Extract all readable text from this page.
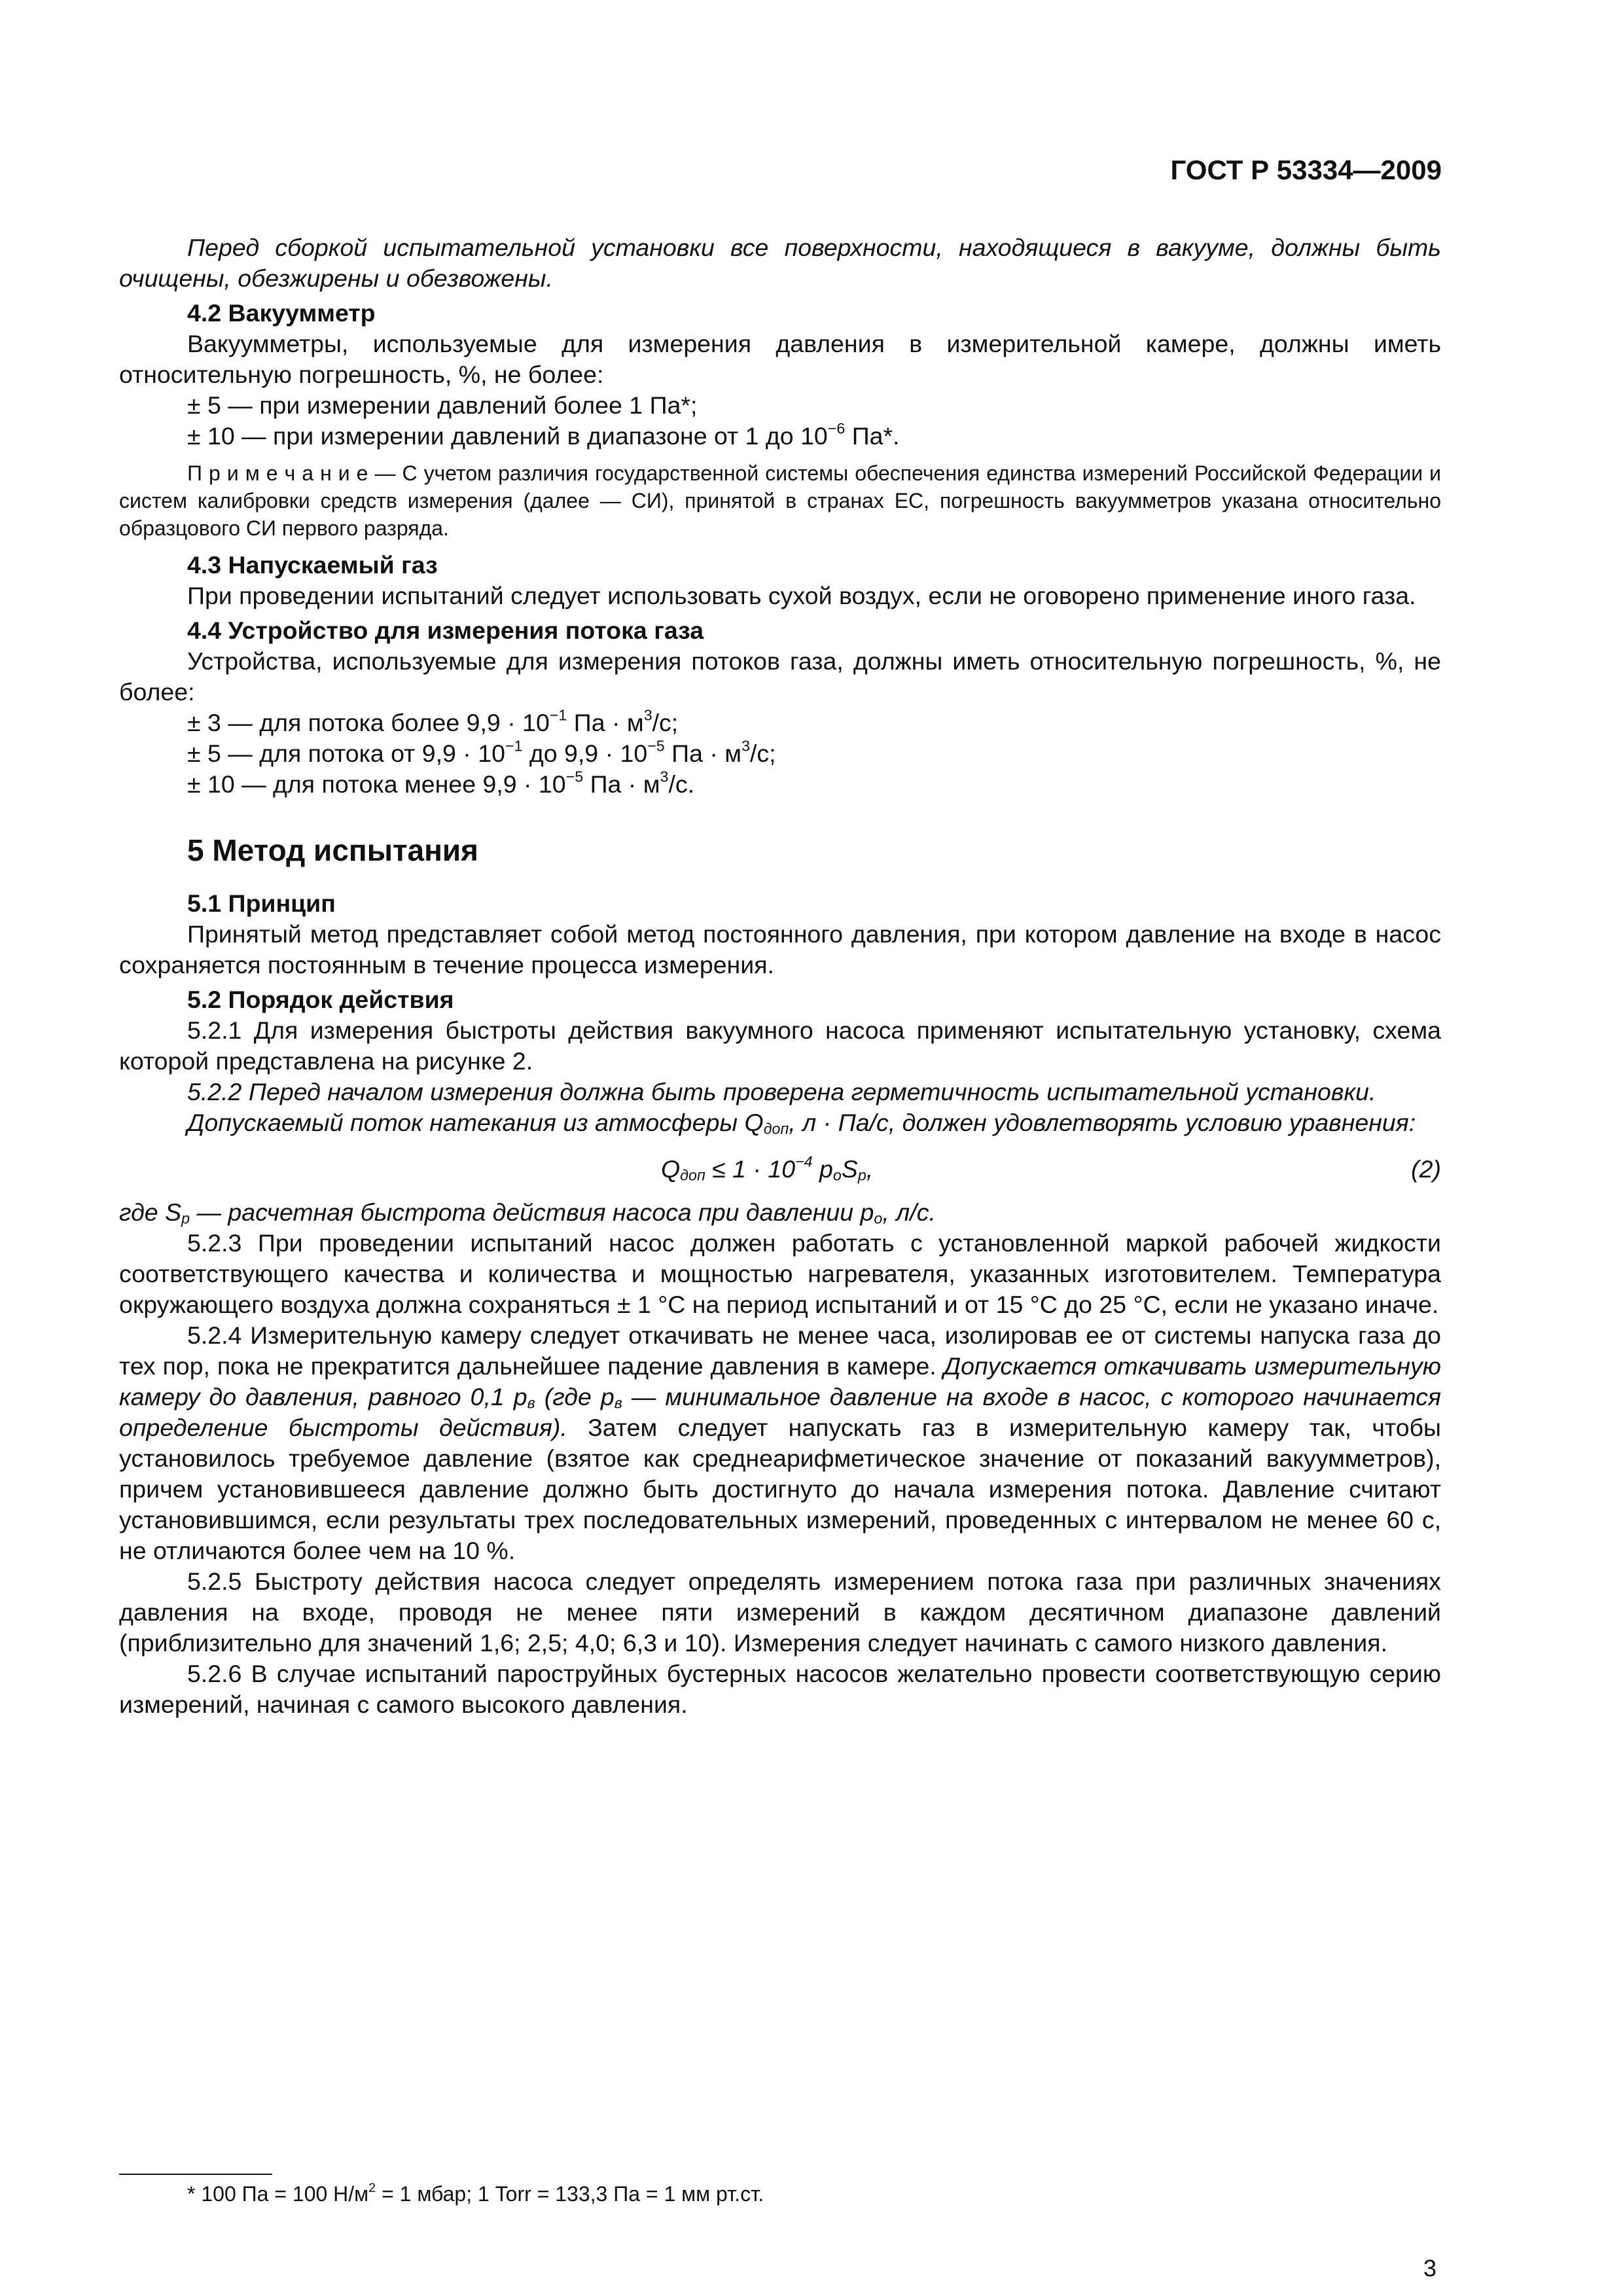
ГОСТ Р 53334—2009

Перед сборкой испытательной установки все поверхности, находящиеся в вакууме, должны быть очищены, обезжирены и обезвожены.

4.2 Вакуумметр

Вакуумметры, используемые для измерения давления в измерительной камере, должны иметь относительную погрешность, %, не более:

± 5 — при измерении давлений более 1 Па*;

± 10 — при измерении давлений в диапазоне от 1 до $10^{-6}$ Па*.

П р и м е ч а н и е — С учетом различия государственной системы обеспечения единства измерений Российской Федерации и систем калибровки средств измерения (далее — СИ), принятой в странах ЕС, погрешность вакуумметров указана относительно образцового СИ первого разряда.

4.3 Напускаемый газ

При проведении испытаний следует использовать сухой воздух, если не оговорено применение иного газа.

4.4 Устройство для измерения потока газа

Устройства, используемые для измерения потоков газа, должны иметь относительную погрешность, %, не более:

± 3 — для потока более $9,9 \cdot 10^{-1}$ Па · $м^3/с$;

± 5 — для потока от $9,9 \cdot 10^{-1}$ до $9,9 \cdot 10^{-5}$ Па · $м^3/с$;

± 10 — для потока менее $9,9 \cdot 10^{-5}$ Па · $м^3/с$.

5 Метод испытания

5.1 Принцип

Принятый метод представляет собой метод постоянного давления, при котором давление на входе в насос сохраняется постоянным в течение процесса измерения.

5.2 Порядок действия

5.2.1 Для измерения быстроты действия вакуумного насоса применяют испытательную установку, схема которой представлена на рисунке 2.

5.2.2 Перед началом измерения должна быть проверена герметичность испытательной установки.

Допускаемый поток натекания из атмосферы $Q_{доп}$, л · Па/с, должен удовлетворять условию уравнения:

$Q_{доп} \le 1 \cdot 10^{-4}$ $p_oS_p$,	(2)

где $S_p$ — расчетная быстрота действия насоса при давлении $p_o$, л/с.

5.2.3 При проведении испытаний насос должен работать с установленной маркой рабочей жидкости соответствующего качества и количества и мощностью нагревателя, указанных изготовителем. Температура окружающего воздуха должна сохраняться ± 1 °С на период испытаний и от 15 °С до 25 °С, если не указано иначе.

5.2.4 Измерительную камеру следует откачивать не менее часа, изолировав ее от системы напуска газа до тех пор, пока не прекратится дальнейшее падение давления в камере. Допускается откачивать измерительную камеру до давления, равного 0,1 $p_в$ (где $p_в$ — минимальное давление на входе в насос, с которого начинается определение быстроты действия). Затем следует напускать газ в измерительную камеру так, чтобы установилось требуемое давление (взятое как среднеарифметическое значение от показаний вакуумметров), причем установившееся давление должно быть достигнуто до начала измерения потока. Давление считают установившимся, если результаты трех последовательных измерений, проведенных с интервалом не менее 60 с, не отличаются более чем на 10 %.

5.2.5 Быстроту действия насоса следует определять измерением потока газа при различных значениях давления на входе, проводя не менее пяти измерений в каждом десятичном диапазоне давлений (приблизительно для значений 1,6; 2,5; 4,0; 6,3 и 10). Измерения следует начинать с самого низкого давления.

5.2.6 В случае испытаний пароструйных бустерных насосов желательно провести соответствующую серию измерений, начиная с самого высокого давления.

* 100 Па = 100 $Н/м^2 = 1$ мбар; 1 Torr = 133,3 Па = 1 мм рт.ст.
3
